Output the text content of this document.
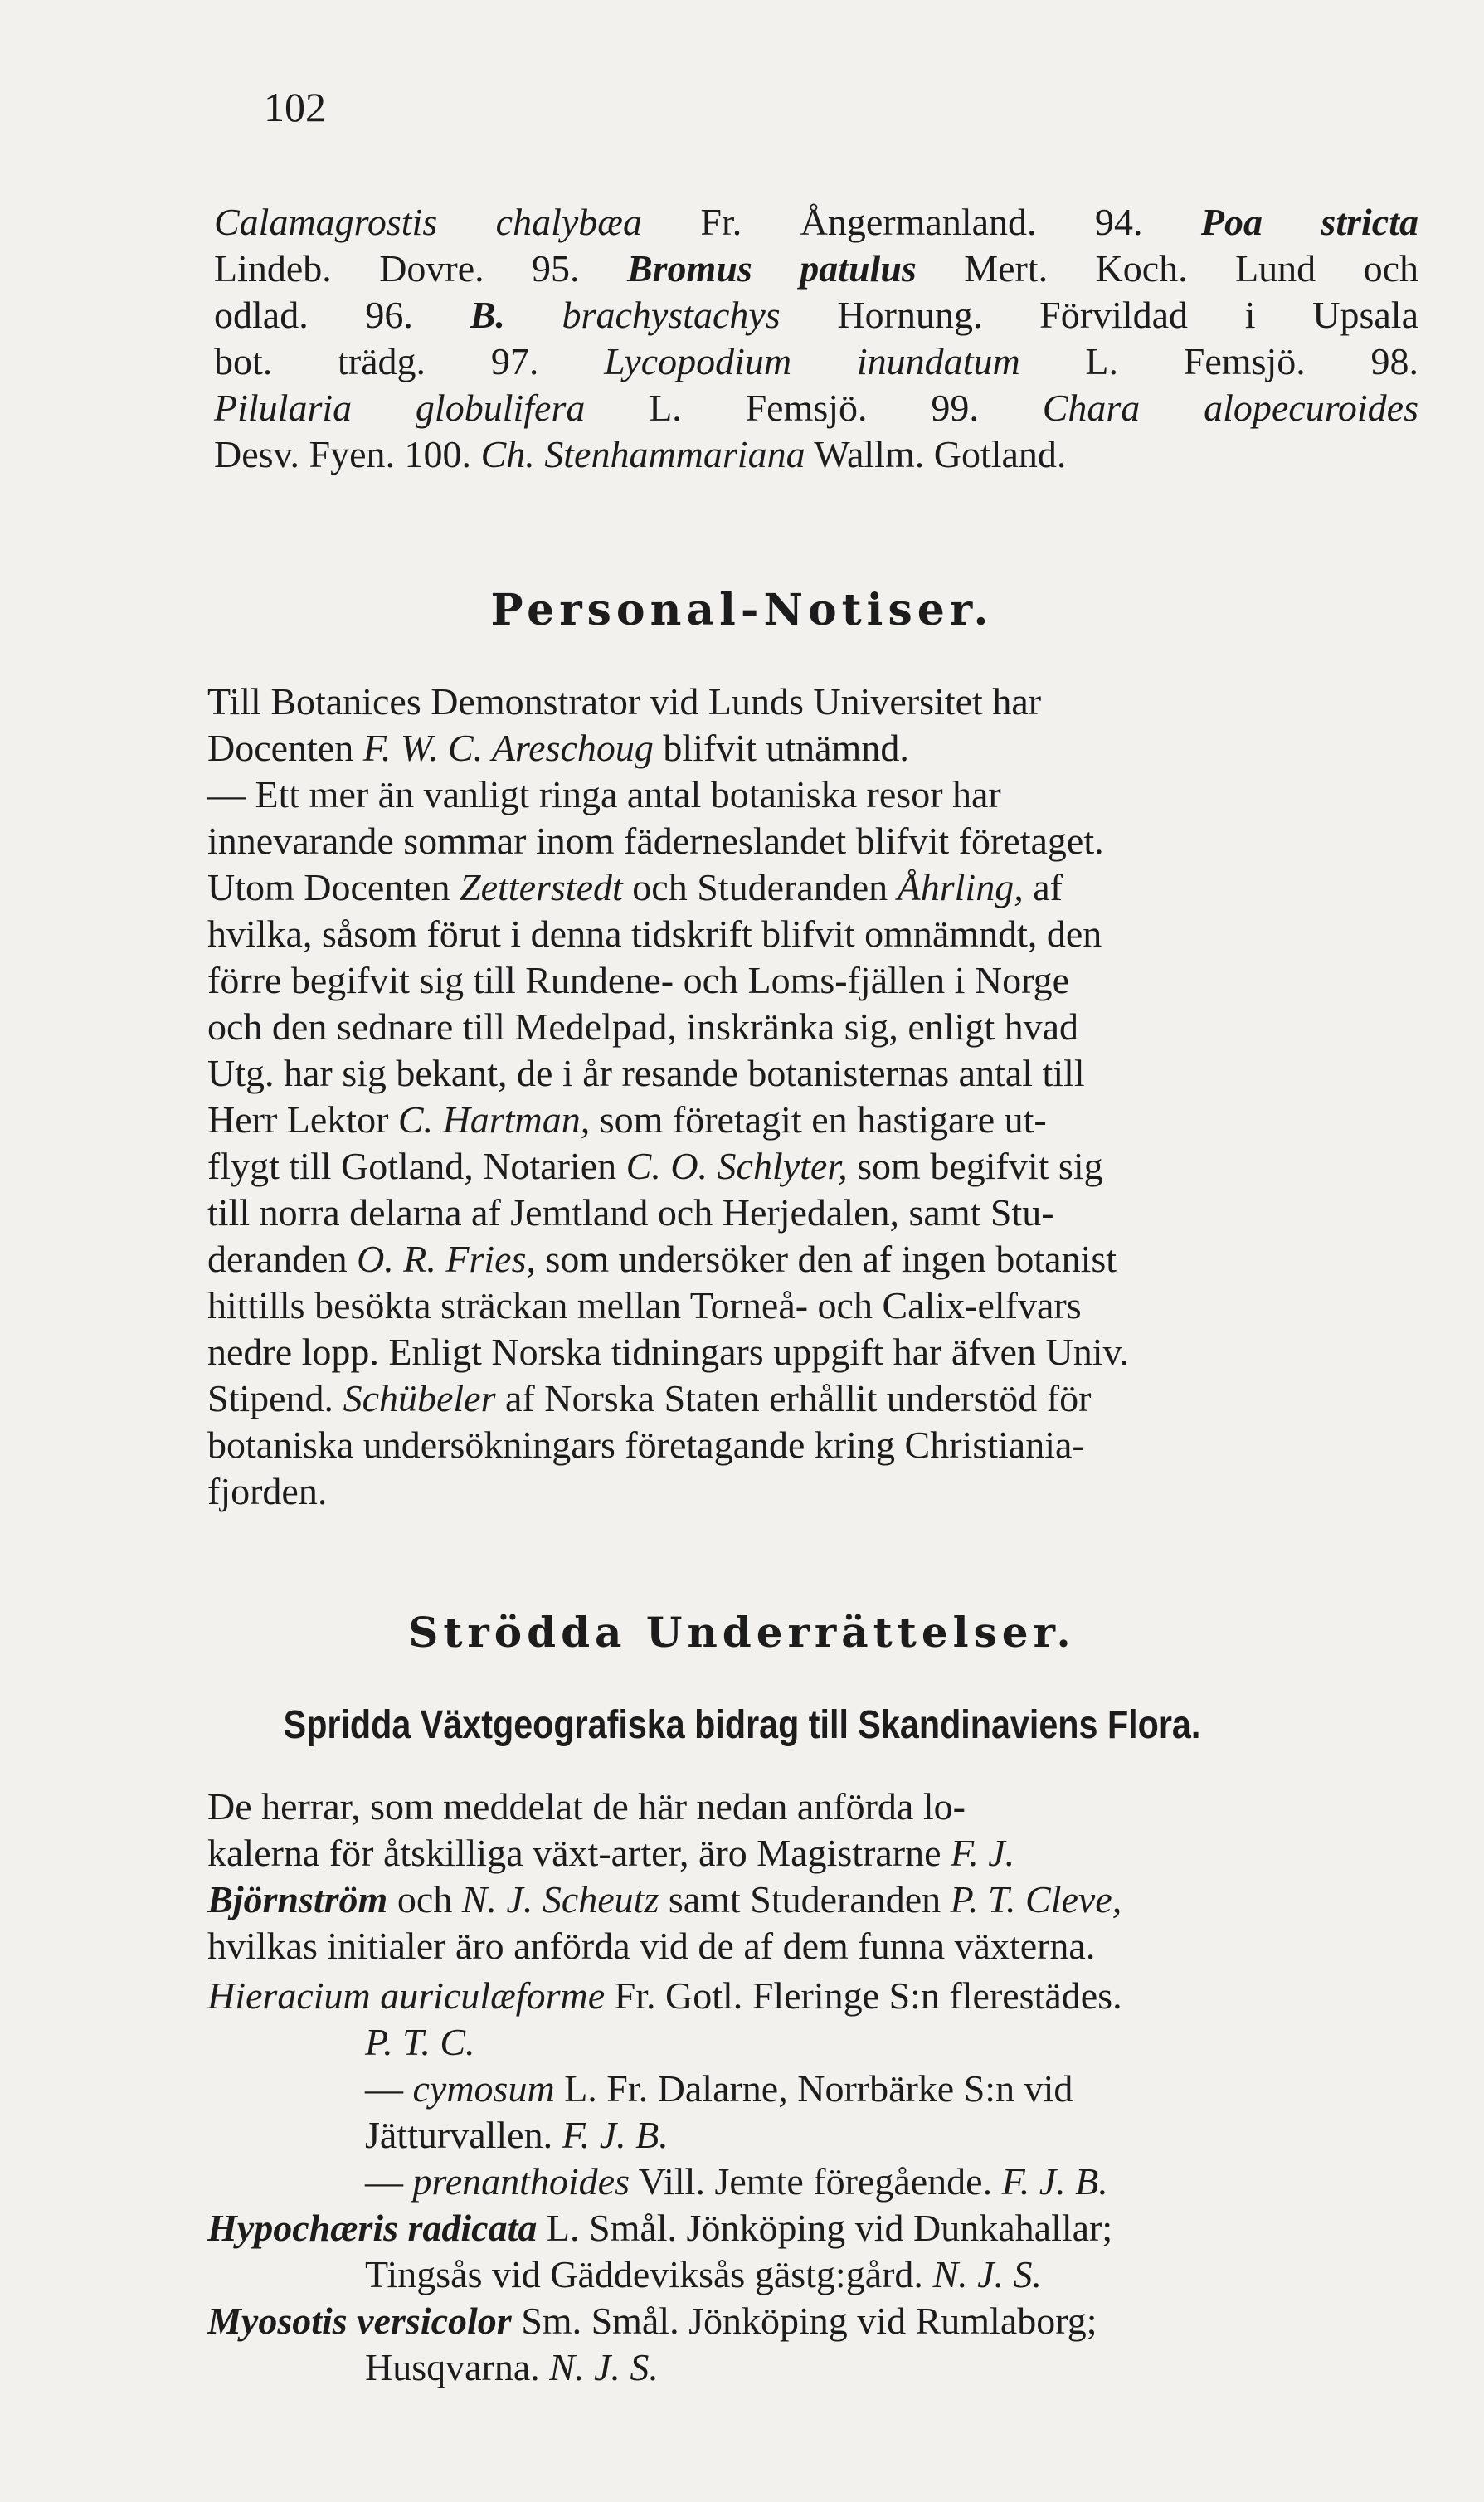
102
Calamagrostis chalybæa Fr. Ångermanland. 94. Poa stricta
Lindeb. Dovre. 95. Bromus patulus Mert. Koch. Lund och
odlad. 96. B. brachystachys Hornung. Förvildad i Upsala
bot. trädg. 97. Lycopodium inundatum L. Femsjö. 98.
Pilularia globulifera L. Femsjö. 99. Chara alopecuroides
Desv. Fyen. 100. Ch. Stenhammariana Wallm. Gotland.
Personal-Notiser.
Till Botanices Demonstrator vid Lunds Universitet har
Docenten F. W. C. Areschoug blifvit utnämnd.
— Ett mer än vanligt ringa antal botaniska resor har
innevarande sommar inom fäderneslandet blifvit företaget.
Utom Docenten Zetterstedt och Studeranden Åhrling, af
hvilka, såsom förut i denna tidskrift blifvit omnämndt, den
förre begifvit sig till Rundene- och Loms-fjällen i Norge
och den sednare till Medelpad, inskränka sig, enligt hvad
Utg. har sig bekant, de i år resande botanisternas antal till
Herr Lektor C. Hartman, som företagit en hastigare ut-
flygt till Gotland, Notarien C. O. Schlyter, som begifvit sig
till norra delarna af Jemtland och Herjedalen, samt Stu-
deranden O. R. Fries, som undersöker den af ingen botanist
hittills besökta sträckan mellan Torneå- och Calix-elfvars
nedre lopp. Enligt Norska tidningars uppgift har äfven Univ.
Stipend. Schübeler af Norska Staten erhållit understöd för
botaniska undersökningars företagande kring Christiania-
fjorden.
Strödda Underrättelser.
Spridda Växtgeografiska bidrag till Skandinaviens Flora.
De herrar, som meddelat de här nedan anförda lo-
kalerna för åtskilliga växt-arter, äro Magistrarne F. J.
Björnström och N. J. Scheutz samt Studeranden P. T. Cleve,
hvilkas initialer äro anförda vid de af dem funna växterna.
Hieracium auriculæforme Fr. Gotl. Fleringe S:n flerestädes.
P. T. C.
— cymosum L. Fr. Dalarne, Norrbärke S:n vid
Jätturvallen. F. J. B.
— prenanthoides Vill. Jemte föregående. F. J. B.
Hypochæris radicata L. Smål. Jönköping vid Dunkahallar;
Tingsås vid Gäddeviksås gästg:gård. N. J. S.
Myosotis versicolor Sm. Smål. Jönköping vid Rumlaborg;
Husqvarna. N. J. S.
